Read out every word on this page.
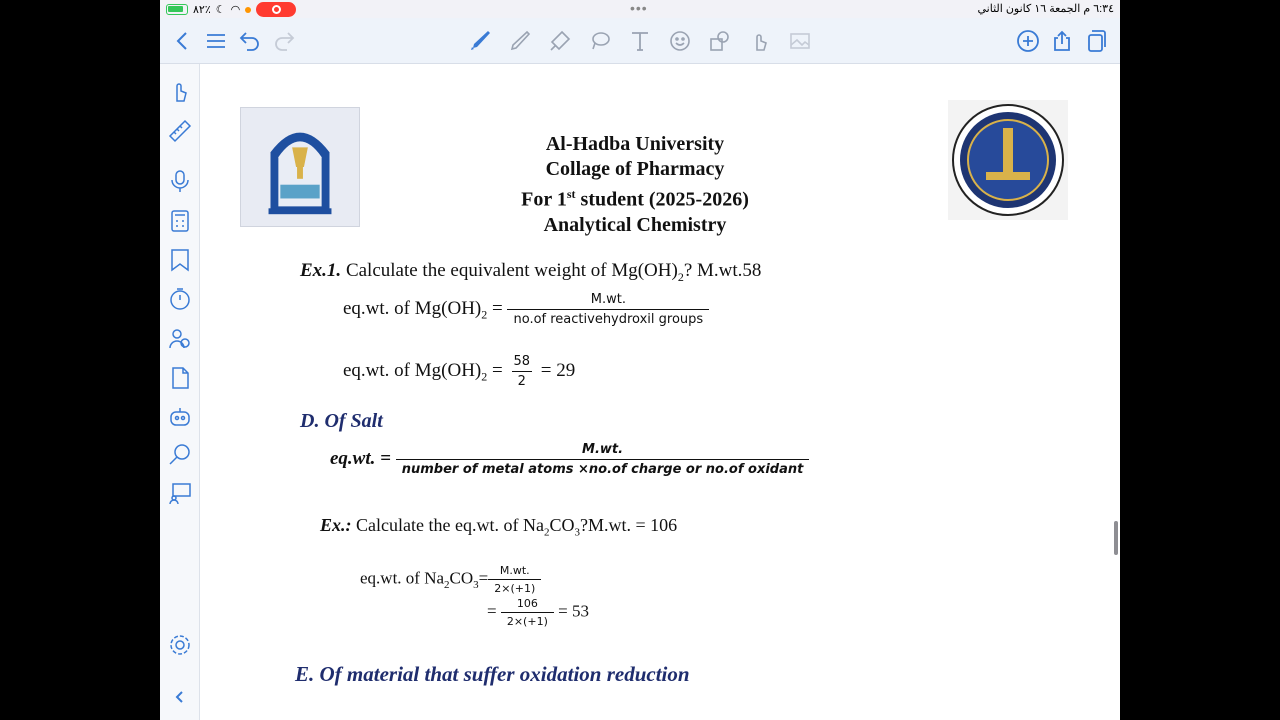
٨٢٪ ☾ ◠	•••	٦:٣٤ م الجمعة ١٦ كانون الثاني
Al-Hadba University
Collage of Pharmacy
For 1st student (2025-2026)
Analytical Chemistry
Ex.1. Calculate the equivalent weight of $Mg(OH)_2$? M.wt.58
eq.wt. of $Mg(OH)_2 = \frac{M.wt.}{\text{no.of reactivehydroxil groups}}$
eq.wt. of $Mg(OH)_2 = \frac{58}{2} = 29$
D. Of Salt
eq.wt. = $\frac{M.wt.}{\text{number of metal atoms ×no.of charge or no.of oxidant}}$
Ex.: Calculate the eq.wt. of $Na_2CO_3?M.wt$. = 106
eq.wt. of $Na_2CO_3= \frac{M.wt.}{2\times(+1)}$
= $\frac{106}{2\times(+1)} = 53$
E. Of material that suffer oxidation reduction
